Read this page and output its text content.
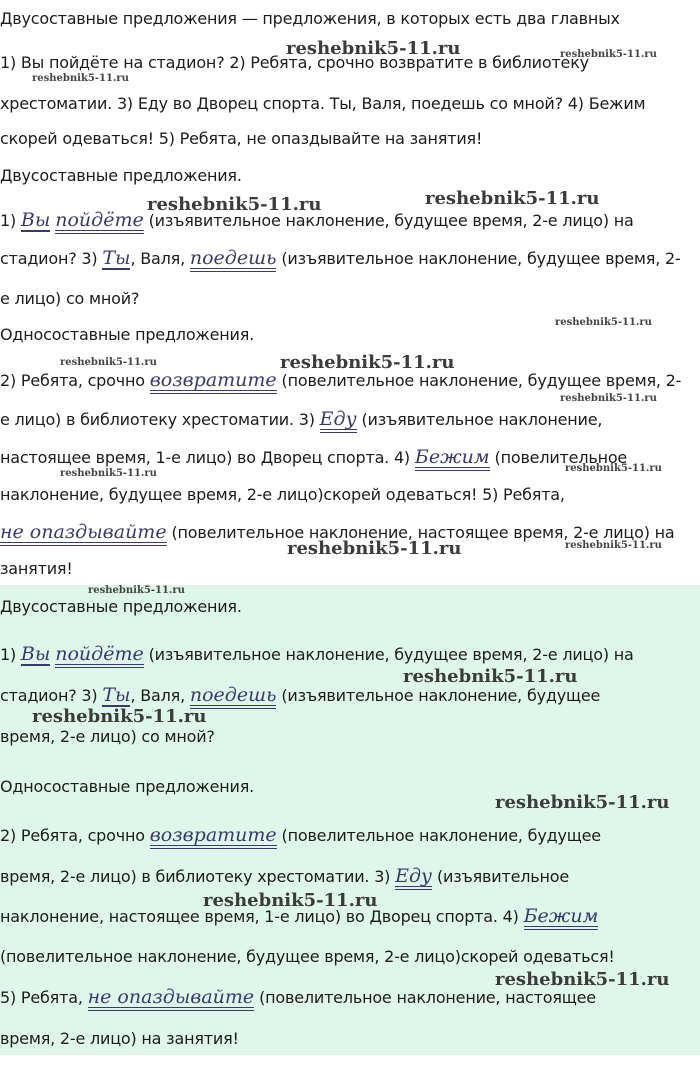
Двусоставные предложения — предложения, в которых есть два главных
1) Вы пойдёте на стадион? 2) Ребята, срочно возвратите в библиотеку
хрестоматии. 3) Еду во Дворец спорта. Ты, Валя, поедешь со мной? 4) Бежим
скорей одеваться! 5) Ребята, не опаздывайте на занятия!
Двусоставные предложения.
1) Вы пойдёте (изъявительное наклонение, будущее время, 2-е лицо) на
стадион? 3) Ты, Валя, поедешь (изъявительное наклонение, будущее время, 2-
е лицо) со мной?
Односоставные предложения.
2) Ребята, срочно возвратите (повелительное наклонение, будущее время, 2-
е лицо) в библиотеку хрестоматии. 3) Еду (изъявительное наклонение,
настоящее время, 1-е лицо) во Дворец спорта. 4) Бежим (повелительное
наклонение, будущее время, 2-е лицо)скорей одеваться! 5) Ребята,
не опаздывайте (повелительное наклонение, настоящее время, 2-е лицо) на
занятия!
Двусоставные предложения.
1) Вы пойдёте (изъявительное наклонение, будущее время, 2-е лицо) на
стадион? 3) Ты, Валя, поедешь (изъявительное наклонение, будущее
время, 2-е лицо) со мной?
Односоставные предложения.
2) Ребята, срочно возвратите (повелительное наклонение, будущее
время, 2-е лицо) в библиотеку хрестоматии. 3) Еду (изъявительное
наклонение, настоящее время, 1-е лицо) во Дворец спорта. 4) Бежим
(повелительное наклонение, будущее время, 2-е лицо)скорей одеваться!
5) Ребята, не опаздывайте (повелительное наклонение, настоящее
время, 2-е лицо) на занятия!
reshebnik5-11.ru	reshebnik5-11.ru
reshebnik5-11.ru
reshebnik5-11.ru	reshebnik5-11.ru
reshebnik5-11.ru
reshebnik5-11.ru	reshebnik5-11.ru
reshebnik5-11.ru
reshebnik5-11.ru
reshebnik5-11.ru
reshebnik5-11.ru	reshebnik5-11.ru
reshebnik5-11.ru
reshebnik5-11.ru
reshebnik5-11.ru
reshebnik5-11.ru
reshebnik5-11.ru
reshebnik5-11.ru
